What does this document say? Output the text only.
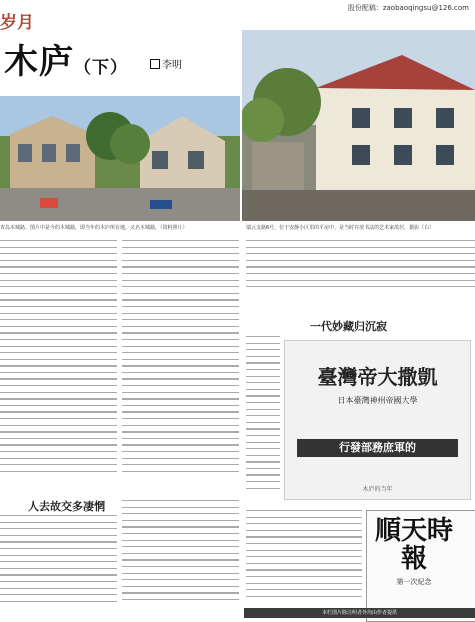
股份配稿：zaobaoqingsu@126.com
岁月
木庐（下）	李明
青岛木城路、图片中是今的木城路，即当年的木庐所在地，又名木城路，（资料照片）	瑞云支路6号，位于安静小区里的平房中，是当时存放书法的艺术家故居，摄影（右）
一代妙藏归沉寂
臺灣帝大撒凱
日本臺灣神州帝國大學
行發部務庶軍的
木庐的当年
人去故交多凄惘
順天時報
第一次紀念
本栏图片除注明者外均由作者提供
